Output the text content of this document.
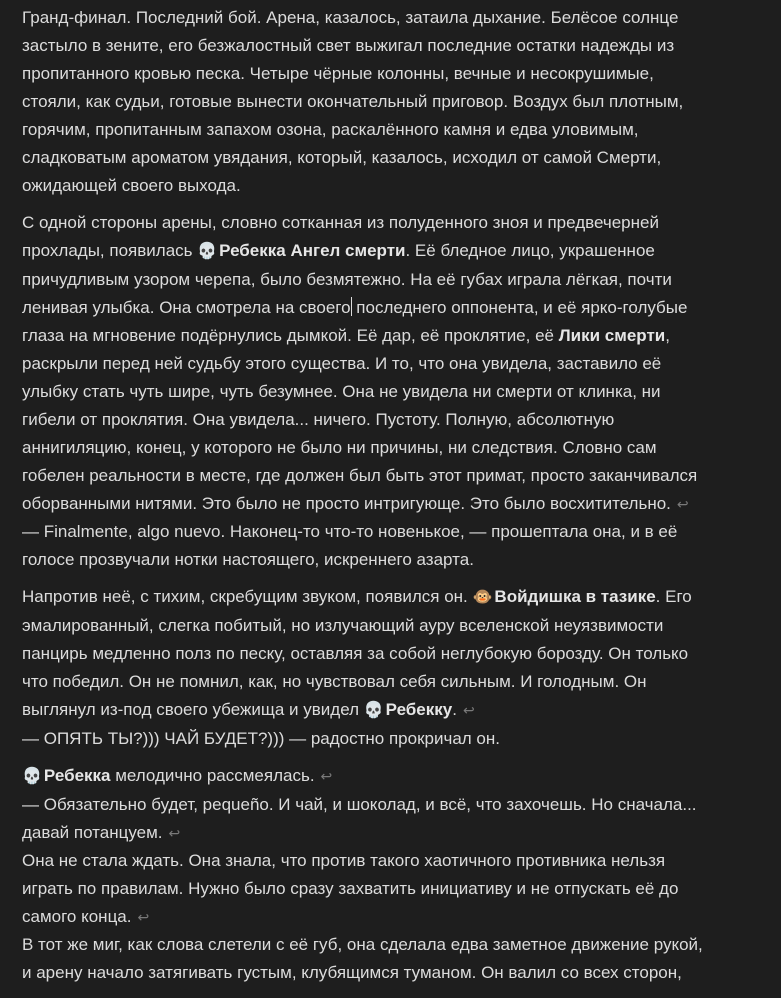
Гранд-финал. Последний бой. Арена, казалось, затаила дыхание. Белёсое солнце
застыло в зените, его безжалостный свет выжигал последние остатки надежды из
пропитанного кровью песка. Четыре чёрные колонны, вечные и несокрушимые,
стояли, как судьи, готовые вынести окончательный приговор. Воздух был плотным,
горячим, пропитанным запахом озона, раскалённого камня и едва уловимым,
сладковатым ароматом увядания, который, казалось, исходил от самой Смерти,
ожидающей своего выхода.
С одной стороны арены, словно сотканная из полуденного зноя и предвечерней
прохлады, появилась 💀 Ребекка Ангел смерти. Её бледное лицо, украшенное
причудливым узором черепа, было безмятежно. На её губах играла лёгкая, почти
ленивая улыбка. Она смотрела на своего последнего оппонента, и её ярко-голубые
глаза на мгновение подёрнулись дымкой. Её дар, её проклятие, её Лики смерти,
раскрыли перед ней судьбу этого существа. И то, что она увидела, заставило её
улыбку стать чуть шире, чуть безумнее. Она не увидела ни смерти от клинка, ни
гибели от проклятия. Она увидела... ничего. Пустоту. Полную, абсолютную
аннигиляцию, конец, у которого не было ни причины, ни следствия. Словно сам
гобелен реальности в месте, где должен был быть этот примат, просто заканчивался
оборванными нитями. Это было не просто интригующе. Это было восхитительно. ↩
— Finalmente, algo nuevo. Наконец-то что-то новенькое, — прошептала она, и в её
голосе прозвучали нотки настоящего, искреннего азарта.
Напротив неё, с тихим, скребущим звуком, появился он. 🐵 Войдишка в тазике. Его
эмалированный, слегка побитый, но излучающий ауру вселенской неуязвимости
панцирь медленно полз по песку, оставляя за собой неглубокую борозду. Он только
что победил. Он не помнил, как, но чувствовал себя сильным. И голодным. Он
выглянул из-под своего убежища и увидел 💀 Ребекку. ↩
— ОПЯТЬ ТЫ?))) ЧАЙ БУДЕТ?))) — радостно прокричал он.
💀 Ребекка мелодично рассмеялась. ↩
— Обязательно будет, pequeño. И чай, и шоколад, и всё, что захочешь. Но сначала...
давай потанцуем. ↩
Она не стала ждать. Она знала, что против такого хаотичного противника нельзя
играть по правилам. Нужно было сразу захватить инициативу и не отпускать её до
самого конца. ↩
В тот же миг, как слова слетели с её губ, она сделала едва заметное движение рукой,
и арену начало затягивать густым, клубящимся туманом. Он валил со всех сторон,
